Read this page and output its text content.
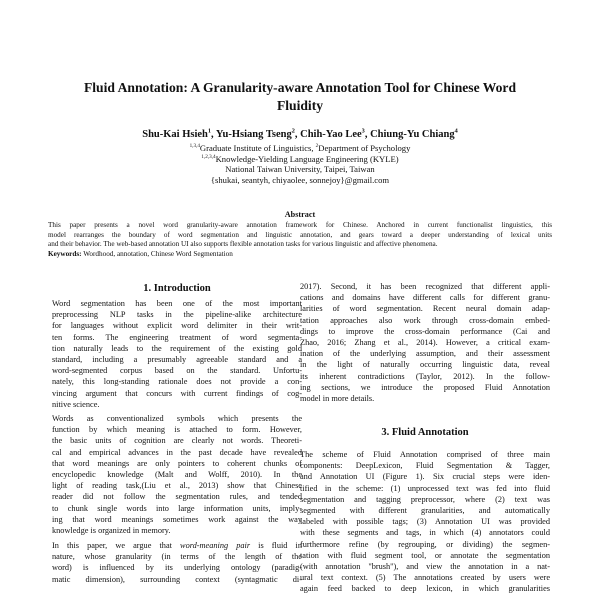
Fluid Annotation: A Granularity-aware Annotation Tool for Chinese Word
Fluidity
Shu-Kai Hsieh$^1$, Yu-Hsiang Tseng$^2$, Chih-Yao Lee$^3$, Chiung-Yu Chiang$^4$
$^{1,3,4}$Graduate Institute of Linguistics, $^2$Department of Psychology
$^{1,2,3,4}$Knowledge-Yielding Language Engineering (KYLE)
National Taiwan University, Taipei, Taiwan
{shukai, seantyh, chiyaolee, sonnejoy}@gmail.com
Abstract
This paper presents a novel word granularity-aware annotation framework for Chinese. Anchored in current functionalist linguistics, this
model rearranges the boundary of word segmentation and linguistic annotation, and gears toward a deeper understanding of lexical units
and their behavior. The web-based annotation UI also supports flexible annotation tasks for various linguistic and affective phenomena.
Keywords: Wordhood, annotation, Chinese Word Segmentation
1. Introduction
Word segmentation has been one of the most important
preprocessing NLP tasks in the pipeline-alike architecture
for languages without explicit word delimiter in their writ-
ten forms. The engineering treatment of word segmenta-
tion naturally leads to the requirement of the existing gold
standard, including a presumably agreeable standard and a
word-segmented corpus based on the standard. Unfortu-
nately, this long-standing rationale does not provide a con-
vincing argument that concurs with current findings of cog-
nitive science.
Words as conventionalized symbols which presents the
function by which meaning is attached to form. However,
the basic units of cognition are clearly not words. Theoreti-
cal and empirical advances in the past decade have revealed
that word meanings are only pointers to coherent chunks of
encyclopedic knowledge (Malt and Wolff, 2010). In the
light of reading task,(Liu et al., 2013) show that Chinese
reader did not follow the segmentation rules, and tended
to chunk single words into large information units, imply-
ing that word meanings sometimes work against the way
knowledge is organized in memory.
In this paper, we argue that word-meaning pair is fluid in
nature, whose granularity (in terms of the length of the
word) is influenced by its underlying ontology (paradig-
matic dimension), surrounding context (syntagmatic di-
2017). Second, it has been recognized that different appli-
cations and domains have different calls for different granu-
larities of word segmentation. Recent neural domain adap-
tation approaches also work through cross-domain embed-
dings to improve the cross-domain performance (Cai and
Zhao, 2016; Zhang et al., 2014). However, a critical exam-
ination of the underlying assumption, and their assessment
in the light of naturally occurring linguistic data, reveal
its inherent contradictions (Taylor, 2012). In the follow-
ing sections, we introduce the proposed Fluid Annotation
model in more details.
3. Fluid Annotation
The scheme of Fluid Annotation comprised of three main
components: DeepLexicon, Fluid Segmentation & Tagger,
and Annotation UI (Figure 1). Six crucial steps were iden-
tified in the scheme: (1) unprocessed text was fed into fluid
segmentation and tagging preprocessor, where (2) text was
segmented with different granularities, and automatically
labeled with possible tags; (3) Annotation UI was provided
with these segments and tags, in which (4) annotators could
furthermore refine (by regrouping, or dividing) the segmen-
tation with fluid segment tool, or annotate the segmentation
(with annotation "brush"), and view the annotation in a nat-
ural text context. (5) The annotations created by users were
again feed backed to deep lexicon, in which granularities
